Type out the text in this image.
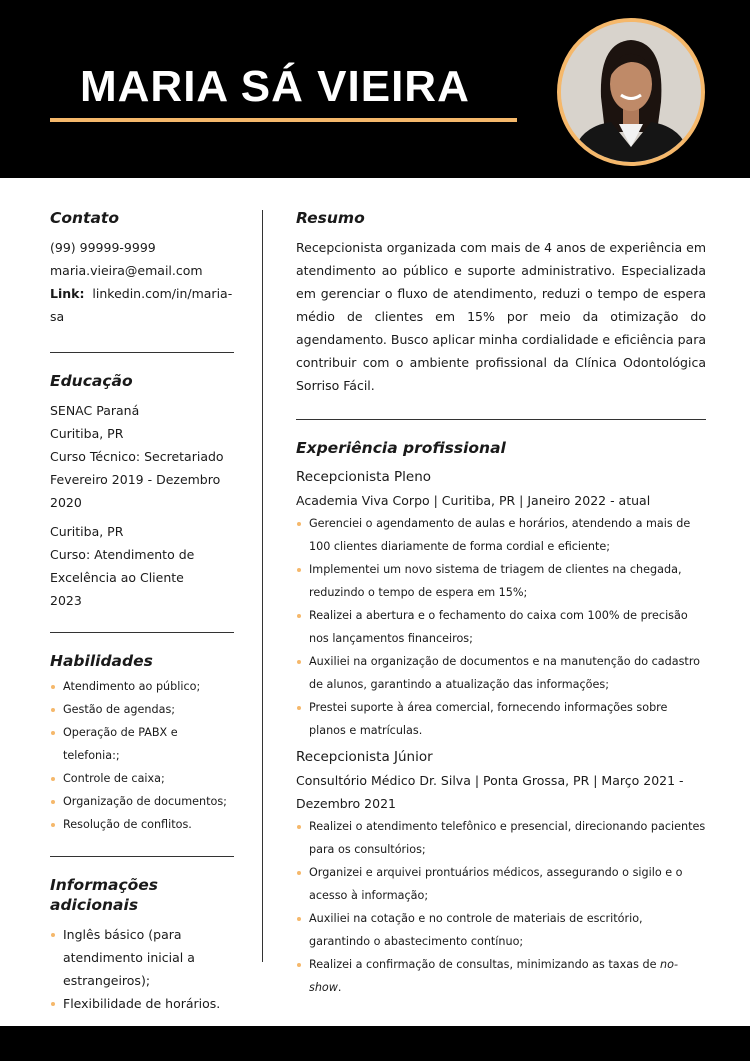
MARIA SÁ VIEIRA
Contato
(99) 99999-9999
maria.vieira@email.com
Link: linkedin.com/in/maria-sa
Educação
SENAC Paraná
Curitiba, PR
Curso Técnico: Secretariado
Fevereiro 2019 - Dezembro 2020
Curitiba, PR
Curso: Atendimento de Excelência ao Cliente
2023
Habilidades
Atendimento ao público;
Gestão de agendas;
Operação de PABX e telefonia:;
Controle de caixa;
Organização de documentos;
Resolução de conflitos.
Informações adicionais
Inglês básico (para atendimento inicial a estrangeiros);
Flexibilidade de horários.
Resumo

Recepcionista organizada com mais de 4 anos de experiência em atendimento ao público e suporte administrativo. Especializada em gerenciar o fluxo de atendimento, reduzi o tempo de espera médio de clientes em 15% por meio da otimização do agendamento. Busco aplicar minha cordialidade e eficiência para contribuir com o ambiente profissional da Clínica Odontológica Sorriso Fácil.

Experiência profissional
Recepcionista Pleno
Academia Viva Corpo | Curitiba, PR | Janeiro 2022 - atual
Gerenciei o agendamento de aulas e horários, atendendo a mais de 100 clientes diariamente de forma cordial e eficiente;
Implementei um novo sistema de triagem de clientes na chegada, reduzindo o tempo de espera em 15%;
Realizei a abertura e o fechamento do caixa com 100% de precisão nos lançamentos financeiros;
Auxiliei na organização de documentos e na manutenção do cadastro de alunos, garantindo a atualização das informações;
Prestei suporte à área comercial, fornecendo informações sobre planos e matrículas.
Recepcionista Júnior
Consultório Médico Dr. Silva | Ponta Grossa, PR | Março 2021 - Dezembro 2021
Realizei o atendimento telefônico e presencial, direcionando pacientes para os consultórios;
Organizei e arquivei prontuários médicos, assegurando o sigilo e o acesso à informação;
Auxiliei na cotação e no controle de materiais de escritório, garantindo o abastecimento contínuo;
Realizei a confirmação de consultas, minimizando as taxas de no-show.
